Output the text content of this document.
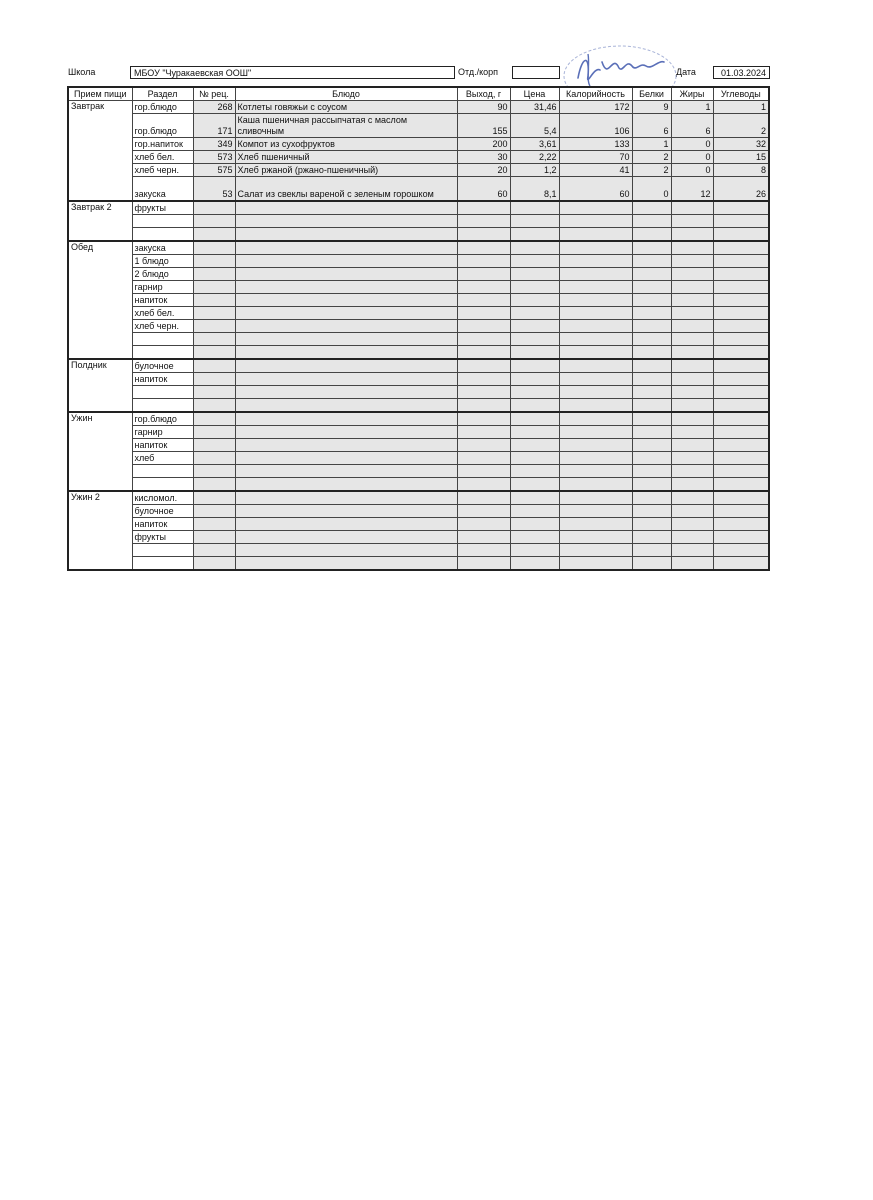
Школа	МБОУ "Чуракаевская ООШ"	Отд./корп	Дата	01.03.2024
Прием пищи	Раздел	№ рец.	Блюдо	Выход, г	Цена	Калорийность	Белки	Жиры	Углеводы
Завтрак	гор.блюдо	268	Котлеты говяжьи с соусом	90	31,46	172	9	1	1
	гор.блюдо	171	Каша пшеничная рассыпчатая с маслом сливочным	155	5,4	106	6	6	2
	гор.напиток	349	Компот из сухофруктов	200	3,61	133	1	0	32
	хлеб бел.	573	Хлеб пшеничный	30	2,22	70	2	0	15
	хлеб черн.	575	Хлеб ржаной (ржано-пшеничный)	20	1,2	41	2	0	8
	закуска	53	Салат из свеклы вареной с зеленым горошком	60	8,1	60	0	12	26
Завтрак 2	фрукты								

Обед	закуска								
	1 блюдо								
	2 блюдо								
	гарнир								
	напиток								
	хлеб бел.								
	хлеб черн.								

Полдник	булочное								
	напиток								

Ужин	гор.блюдо								
	гарнир								
	напиток								
	хлеб								

Ужин 2	кисломол.								
	булочное								
	напиток								
	фрукты								
